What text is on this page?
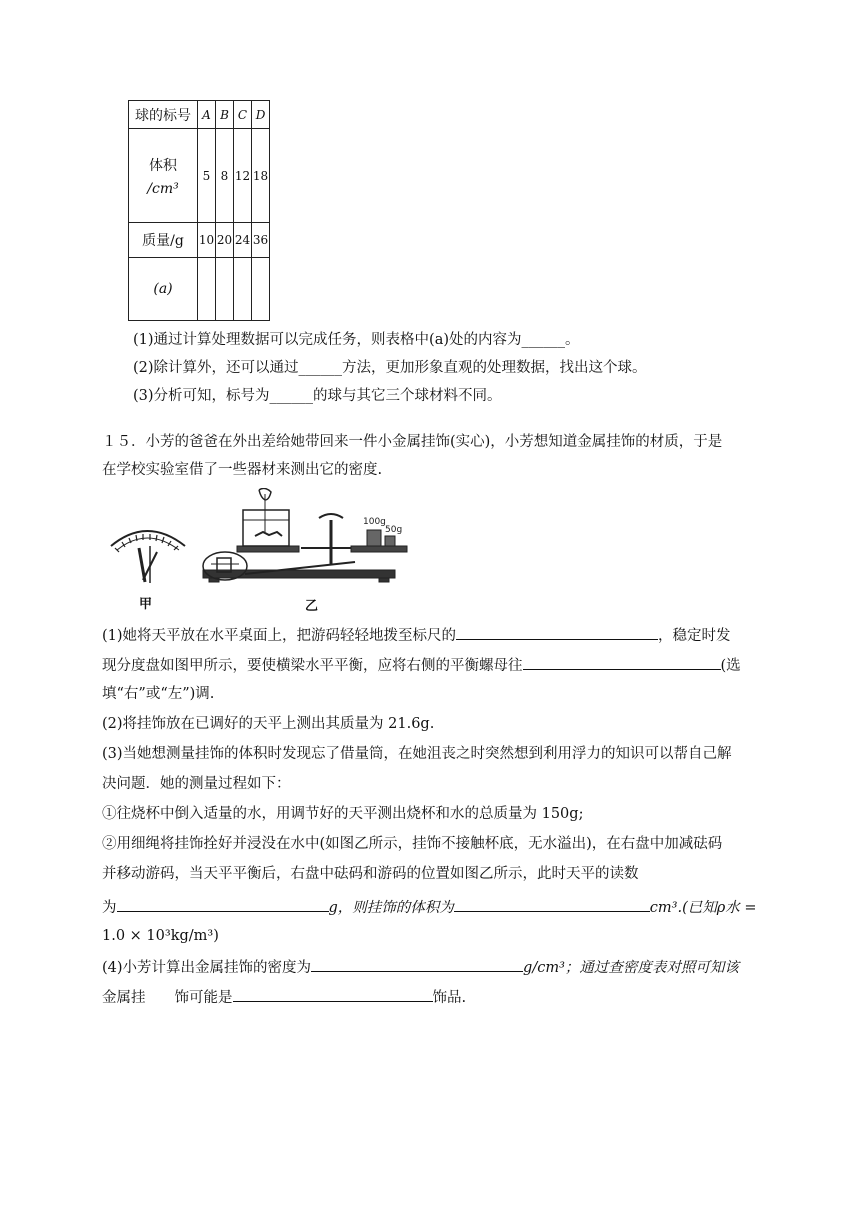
球的标号	A	B	C	D

体积
/cm³	5	8	12	18
质量/g	10	20	24	36
(a)				
(1)通过计算处理数据可以完成任务，则表格中(a)处的内容为______。
(2)除计算外，还可以通过______方法，更加形象直观的处理数据，找出这个球。
(3)分析可知，标号为______的球与其它三个球材料不同。
１５．小芳的爸爸在外出差给她带回来一件小金属挂饰(实心)，小芳想知道金属挂饰的材质，于是
在学校实验室借了一些器材来测出它的密度.
100g
50g
甲	乙
(1)她将天平放在水平桌面上，把游码轻轻地拨至标尺的	，稳定时发
现分度盘如图甲所示，要使横梁水平平衡，应将右侧的平衡螺母往	(选
填“右”或“左”)调.
(2)将挂饰放在已调好的天平上测出其质量为 21.6g.
(3)当她想测量挂饰的体积时发现忘了借量筒，在她沮丧之时突然想到利用浮力的知识可以帮自己解
决问题．她的测量过程如下：
①往烧杯中倒入适量的水，用调节好的天平测出烧杯和水的总质量为 150g;
②用细绳将挂饰拴好并浸没在水中(如图乙所示，挂饰不接触杯底，无水溢出)，在右盘中加减砝码
并移动游码，当天平平衡后，右盘中砝码和游码的位置如图乙所示，此时天平的读数
为	g，则挂饰的体积为	cm³.(已知ρ水 =
1.0 × 10³kg/m³)
(4)小芳计算出金属挂饰的密度为	g/cm³；通过查密度表对照可知该
金属挂　　饰可能是	饰品.
